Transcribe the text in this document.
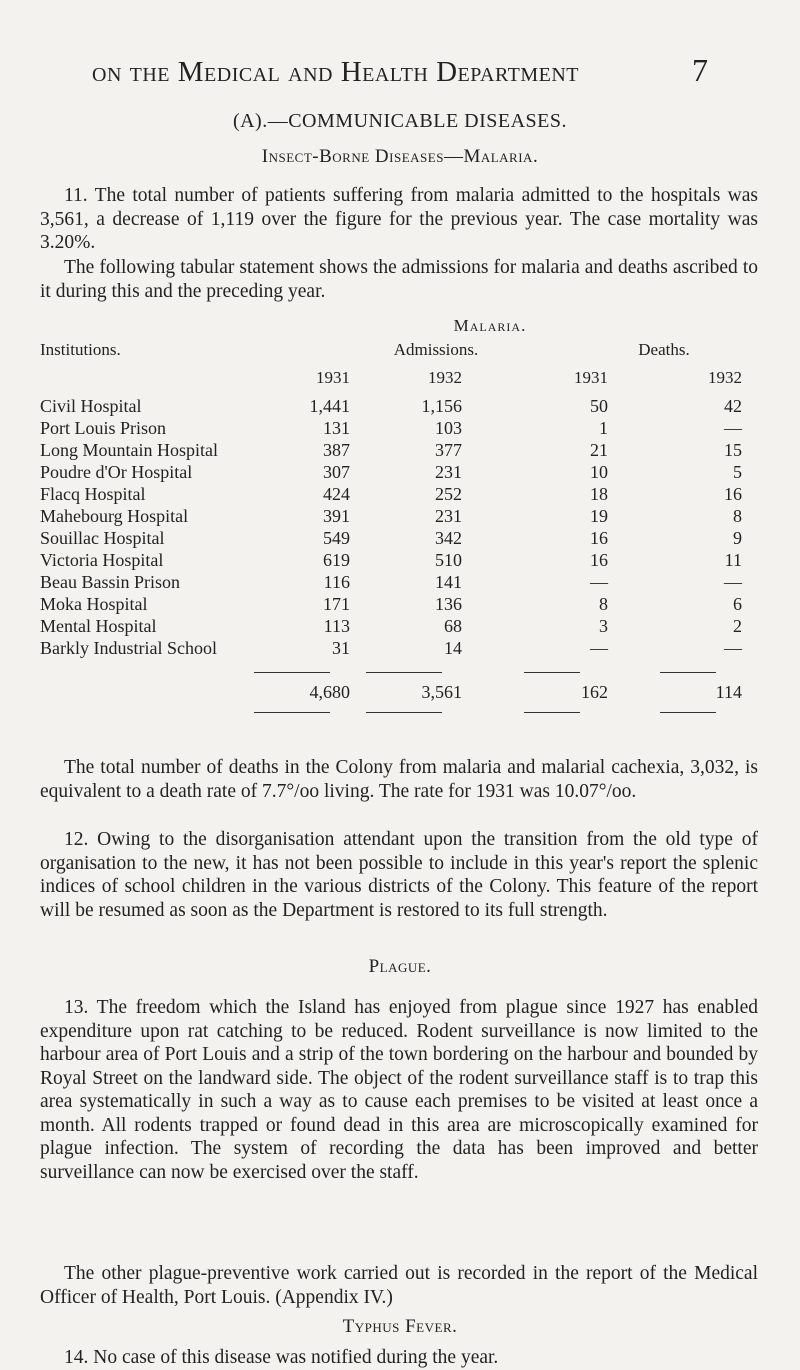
on the Medical and Health Department	7
(A).—COMMUNICABLE DISEASES.
Insect-Borne Diseases—Malaria.

11. The total number of patients suffering from malaria admitted to the hospitals was 3,561, a decrease of 1,119 over the figure for the previous year. The case mortality was 3.20%.

The following tabular statement shows the admissions for malaria and deaths ascribed to it during this and the preceding year.

Malaria.
Institutions.	Admissions.	Deaths.
1931	1932	1931	1932
Civil Hospital	1,441	1,156	50	42
Port Louis Prison	131	103	1	—
Long Mountain Hospital	387	377	21	15
Poudre d'Or Hospital	307	231	10	5
Flacq Hospital	424	252	18	16
Mahebourg Hospital	391	231	19	8
Souillac Hospital	549	342	16	9
Victoria Hospital	619	510	16	11
Beau Bassin Prison	116	141	—	—
Moka Hospital	171	136	8	6
Mental Hospital	113	68	3	2
Barkly Industrial School	31	14	—	—
4,680	3,561	162	114

The total number of deaths in the Colony from malaria and malarial cachexia, 3,032, is equivalent to a death rate of 7.7°/oo living. The rate for 1931 was 10.07°/oo.

12. Owing to the disorganisation attendant upon the transition from the old type of organisation to the new, it has not been possible to include in this year's report the splenic indices of school children in the various districts of the Colony. This feature of the report will be resumed as soon as the Department is restored to its full strength.

Plague.

13. The freedom which the Island has enjoyed from plague since 1927 has enabled expenditure upon rat catching to be reduced. Rodent surveillance is now limited to the harbour area of Port Louis and a strip of the town bordering on the harbour and bounded by Royal Street on the landward side. The object of the rodent surveillance staff is to trap this area systematically in such a way as to cause each premises to be visited at least once a month. All rodents trapped or found dead in this area are microscopically examined for plague infection. The system of recording the data has been improved and better surveillance can now be exercised over the staff.

The other plague-preventive work carried out is recorded in the report of the Medical Officer of Health, Port Louis. (Appendix IV.)

Typhus Fever.

14. No case of this disease was notified during the year.
